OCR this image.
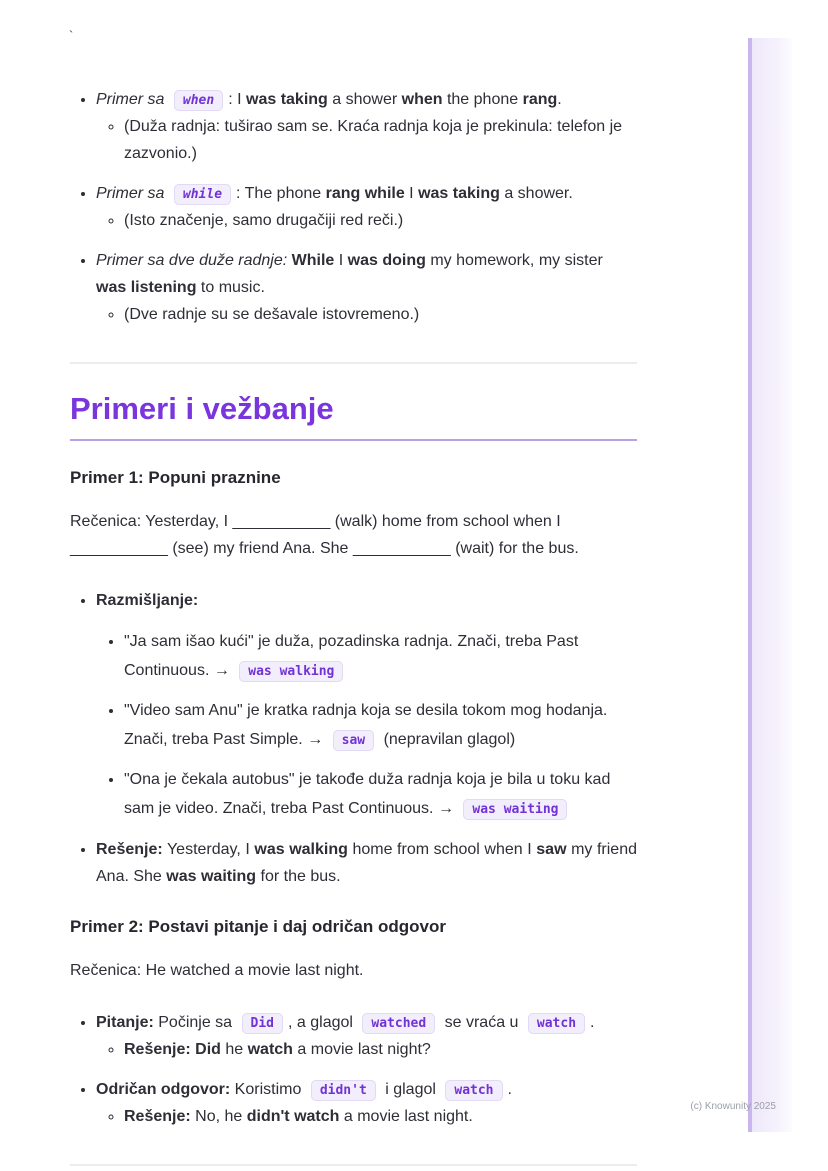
`
• Primer sa when : I was taking a shower when the phone rang.
◦ (Duža radnja: tuširao sam se. Kraća radnja koja je prekinula: telefon je zazvonio.)
• Primer sa while : The phone rang while I was taking a shower.
◦ (Isto značenje, samo drugačiji red reči.)
• Primer sa dve duže radnje: While I was doing my homework, my sister was listening to music.
◦ (Dve radnje su se dešavale istovremeno.)
Primeri i vežbanje
Primer 1: Popuni praznine

Rečenica: Yesterday, I ___________ (walk) home from school when I ___________ (see) my friend Ana. She ___________ (wait) for the bus.

• Razmišljanje:
• "Ja sam išao kući" je duža, pozadinska radnja. Znači, treba Past Continuous. → was walking
• "Video sam Anu" je kratka radnja koja se desila tokom mog hodanja. Znači, treba Past Simple. → saw (nepravilan glagol)
• "Ona je čekala autobus" je takođe duža radnja koja je bila u toku kad sam je video. Znači, treba Past Continuous. → was waiting
• Rešenje: Yesterday, I was walking home from school when I saw my friend Ana. She was waiting for the bus.
Primer 2: Postavi pitanje i daj odričan odgovor

Rečenica: He watched a movie last night.

• Pitanje: Počinje sa Did , a glagol watched se vraća u watch .
◦ Rešenje: Did he watch a movie last night?
• Odričan odgovor: Koristimo didn't i glagol watch .
◦ Rešenje: No, he didn't watch a movie last night.
(c) Knowunity 2025
